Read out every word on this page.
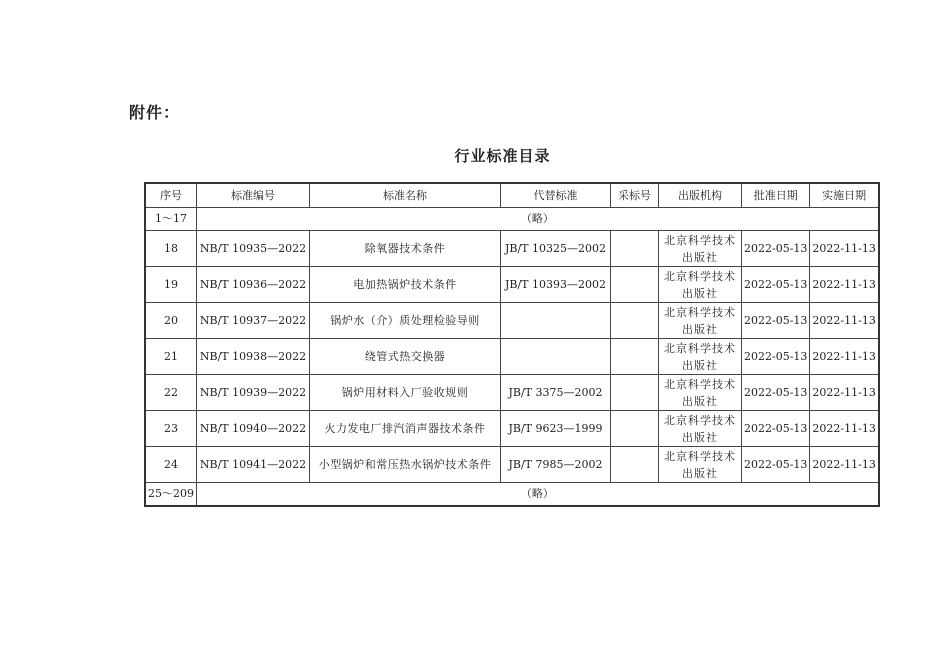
附件：
行业标准目录
序号	标准编号	标准名称	代替标准	采标号	出版机构	批准日期	实施日期
1～17	（略）						
18	NB/T 10935—2022	除氧器技术条件	JB/T 10325—2002		北京科学技术出版社	2022-05-13	2022-11-13
19	NB/T 10936—2022	电加热锅炉技术条件	JB/T 10393—2002		北京科学技术出版社	2022-05-13	2022-11-13
20	NB/T 10937—2022	锅炉水（介）质处理检验导则			北京科学技术出版社	2022-05-13	2022-11-13
21	NB/T 10938—2022	绕管式热交换器			北京科学技术出版社	2022-05-13	2022-11-13
22	NB/T 10939—2022	锅炉用材料入厂验收规则	JB/T 3375—2002		北京科学技术出版社	2022-05-13	2022-11-13
23	NB/T 10940—2022	火力发电厂排汽消声器技术条件	JB/T 9623—1999		北京科学技术出版社	2022-05-13	2022-11-13
24	NB/T 10941—2022	小型锅炉和常压热水锅炉技术条件	JB/T 7985—2002		北京科学技术出版社	2022-05-13	2022-11-13
25～209	（略）						
